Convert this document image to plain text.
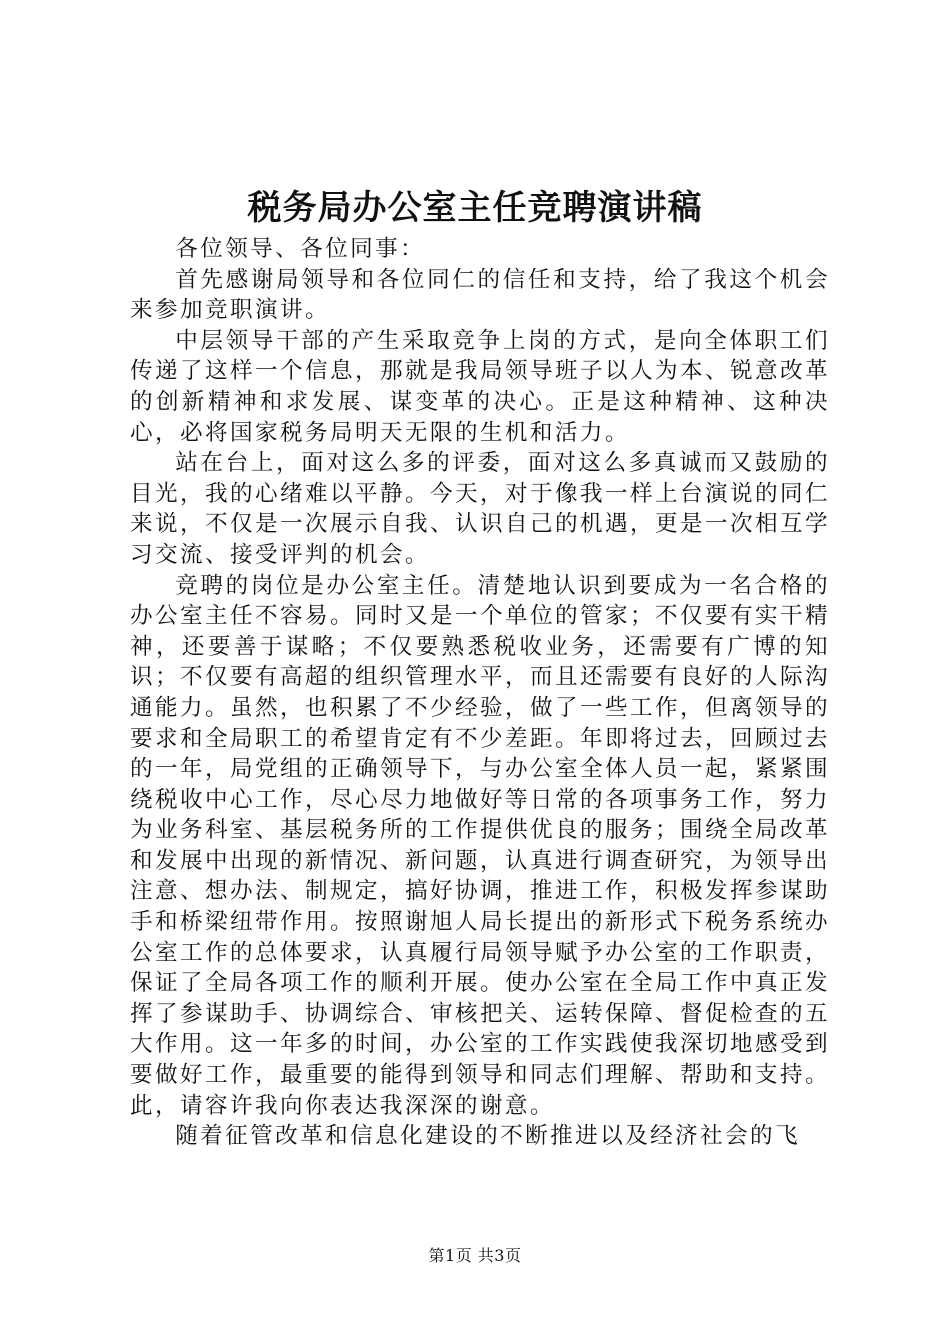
税务局办公室主任竞聘演讲稿

各位领导、各位同事：

首先感谢局领导和各位同仁的信任和支持，给了我这个机会来参加竞职演讲。

中层领导干部的产生采取竞争上岗的方式，是向全体职工们传递了这样一个信息，那就是我局领导班子以人为本、锐意改革的创新精神和求发展、谋变革的决心。正是这种精神、这种决心，必将国家税务局明天无限的生机和活力。

站在台上，面对这么多的评委，面对这么多真诚而又鼓励的目光，我的心绪难以平静。今天，对于像我一样上台演说的同仁来说，不仅是一次展示自我、认识自己的机遇，更是一次相互学习交流、接受评判的机会。

竞聘的岗位是办公室主任。清楚地认识到要成为一名合格的办公室主任不容易。同时又是一个单位的管家；不仅要有实干精神，还要善于谋略；不仅要熟悉税收业务，还需要有广博的知识；不仅要有高超的组织管理水平，而且还需要有良好的人际沟通能力。虽然，也积累了不少经验，做了一些工作，但离领导的要求和全局职工的希望肯定有不少差距。年即将过去，回顾过去的一年，局党组的正确领导下，与办公室全体人员一起，紧紧围绕税收中心工作，尽心尽力地做好等日常的各项事务工作，努力为业务科室、基层税务所的工作提供优良的服务；围绕全局改革和发展中出现的新情况、新问题，认真进行调查研究，为领导出注意、想办法、制规定，搞好协调，推进工作，积极发挥参谋助手和桥梁纽带作用。按照谢旭人局长提出的新形式下税务系统办公室工作的总体要求，认真履行局领导赋予办公室的工作职责，保证了全局各项工作的顺利开展。使办公室在全局工作中真正发挥了参谋助手、协调综合、审核把关、运转保障、督促检查的五大作用。这一年多的时间，办公室的工作实践使我深切地感受到要做好工作，最重要的能得到领导和同志们理解、帮助和支持。此，请容许我向你表达我深深的谢意。

随着征管改革和信息化建设的不断推进以及经济社会的飞

第1页 共3页
